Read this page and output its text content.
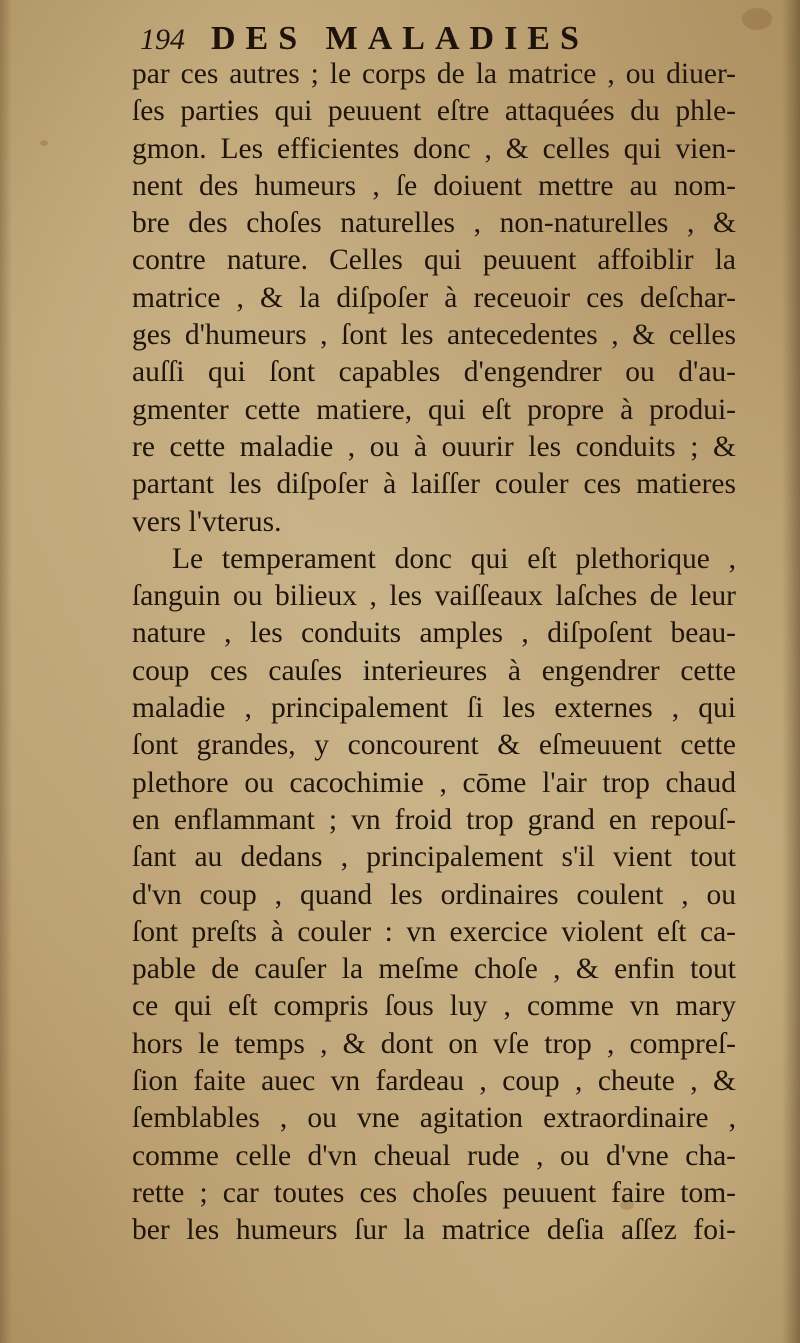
194 DES MALADIES
par ces autres ; le corps de la matrice , ou diuer-
ſes parties qui peuuent eſtre attaquées du phle-
gmon. Les efficientes donc , & celles qui vien-
nent des humeurs , ſe doiuent mettre au nom-
bre des choſes naturelles , non-naturelles , &
contre nature. Celles qui peuuent affoiblir la
matrice , & la diſpoſer à receuoir ces deſchar-
ges d'humeurs , ſont les antecedentes , & celles
auſſi qui ſont capables d'engendrer ou d'au-
gmenter cette matiere, qui eſt propre à produi-
re cette maladie , ou à ouurir les conduits ; &
partant les diſpoſer à laiſſer couler ces matieres
vers l'vterus.
Le temperament donc qui eſt plethorique ,
ſanguin ou bilieux , les vaiſſeaux laſches de leur
nature , les conduits amples , diſpoſent beau-
coup ces cauſes interieures à engendrer cette
maladie , principalement ſi les externes , qui
ſont grandes, y concourent & eſmeuuent cette
plethore ou cacochimie , cōme l'air trop chaud
en enflammant ; vn froid trop grand en repouſ-
ſant au dedans , principalement s'il vient tout
d'vn coup , quand les ordinaires coulent , ou
ſont preſts à couler : vn exercice violent eſt ca-
pable de cauſer la meſme choſe , & enfin tout
ce qui eſt compris ſous luy , comme vn mary
hors le temps , & dont on vſe trop , compreſ-
ſion faite auec vn fardeau , coup , cheute , &
ſemblables , ou vne agitation extraordinaire ,
comme celle d'vn cheual rude , ou d'vne cha-
rette ; car toutes ces choſes peuuent faire tom-
ber les humeurs ſur la matrice deſia aſſez foi-
